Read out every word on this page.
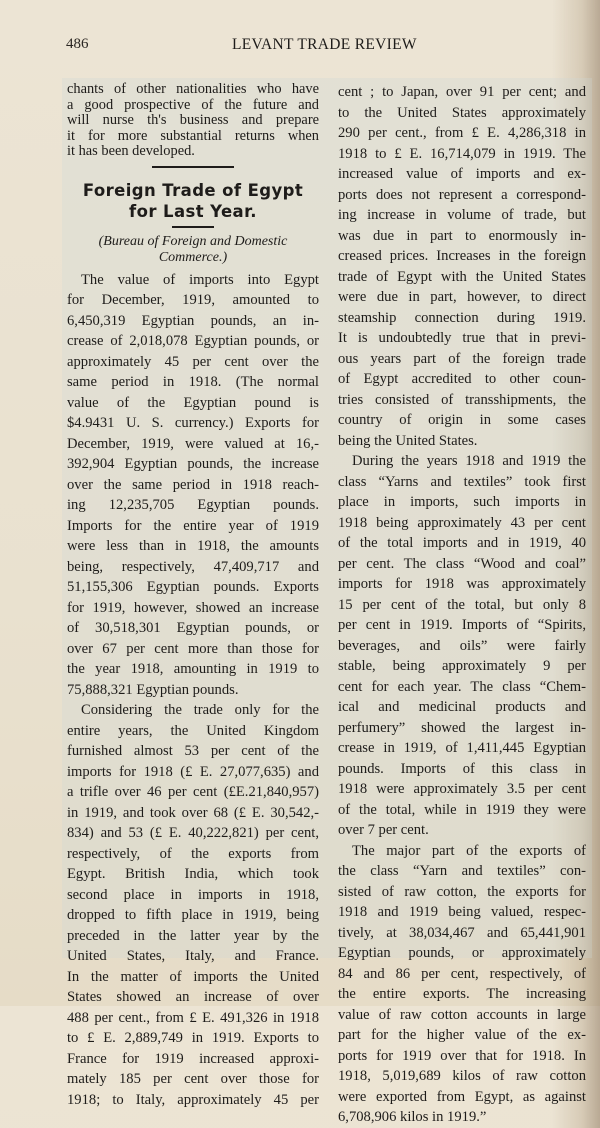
486	LEVANT TRADE REVIEW
chants of other nationalities who have
a good prospective of the future and
will nurse th's business and prepare
it for more substantial returns when
it has been developed.
Foreign Trade of Egypt
for Last Year.
(Bureau of Foreign and Domestic
Commerce.)
The value of imports into Egypt
for December, 1919, amounted to
6,450,319 Egyptian pounds, an in-
crease of 2,018,078 Egyptian pounds, or
approximately 45 per cent over the
same period in 1918. (The normal
value of the Egyptian pound is
$4.9431 U. S. currency.) Exports for
December, 1919, were valued at 16,-
392,904 Egyptian pounds, the increase
over the same period in 1918 reach-
ing 12,235,705 Egyptian pounds.
Imports for the entire year of 1919
were less than in 1918, the amounts
being, respectively, 47,409,717 and
51,155,306 Egyptian pounds. Exports
for 1919, however, showed an increase
of 30,518,301 Egyptian pounds, or
over 67 per cent more than those for
the year 1918, amounting in 1919 to
75,888,321 Egyptian pounds.
Considering the trade only for the
entire years, the United Kingdom
furnished almost 53 per cent of the
imports for 1918 (£ E. 27,077,635) and
a trifle over 46 per cent (£E.21,840,957)
in 1919, and took over 68 (£ E. 30,542,-
834) and 53 (£ E. 40,222,821) per cent,
respectively, of the exports from
Egypt. British India, which took
second place in imports in 1918,
dropped to fifth place in 1919, being
preceded in the latter year by the
United States, Italy, and France.
In the matter of imports the United
States showed an increase of over
488 per cent., from £ E. 491,326 in 1918
to £ E. 2,889,749 in 1919. Exports to
France for 1919 increased approxi-
mately 185 per cent over those for
1918; to Italy, approximately 45 per
cent ; to Japan, over 91 per cent; and
to the United States approximately
290 per cent., from £ E. 4,286,318 in
1918 to £ E. 16,714,079 in 1919. The
increased value of imports and ex-
ports does not represent a correspond-
ing increase in volume of trade, but
was due in part to enormously in-
creased prices. Increases in the foreign
trade of Egypt with the United States
were due in part, however, to direct
steamship connection during 1919.
It is undoubtedly true that in previ-
ous years part of the foreign trade
of Egypt accredited to other coun-
tries consisted of transshipments, the
country of origin in some cases
being the United States.
During the years 1918 and 1919 the
class “Yarns and textiles” took first
place in imports, such imports in
1918 being approximately 43 per cent
of the total imports and in 1919, 40
per cent. The class “Wood and coal”
imports for 1918 was approximately
15 per cent of the total, but only 8
per cent in 1919. Imports of “Spirits,
beverages, and oils” were fairly
stable, being approximately 9 per
cent for each year. The class “Chem-
ical and medicinal products and
perfumery” showed the largest in-
crease in 1919, of 1,411,445 Egyptian
pounds. Imports of this class in
1918 were approximately 3.5 per cent
of the total, while in 1919 they were
over 7 per cent.
The major part of the exports of
the class “Yarn and textiles” con-
sisted of raw cotton, the exports for
1918 and 1919 being valued, respec-
tively, at 38,034,467 and 65,441,901
Egyptian pounds, or approximately
84 and 86 per cent, respectively, of
the entire exports. The increasing
value of raw cotton accounts in large
part for the higher value of the ex-
ports for 1919 over that for 1918. In
1918, 5,019,689 kilos of raw cotton
were exported from Egypt, as against
6,708,906 kilos in 1919.”
